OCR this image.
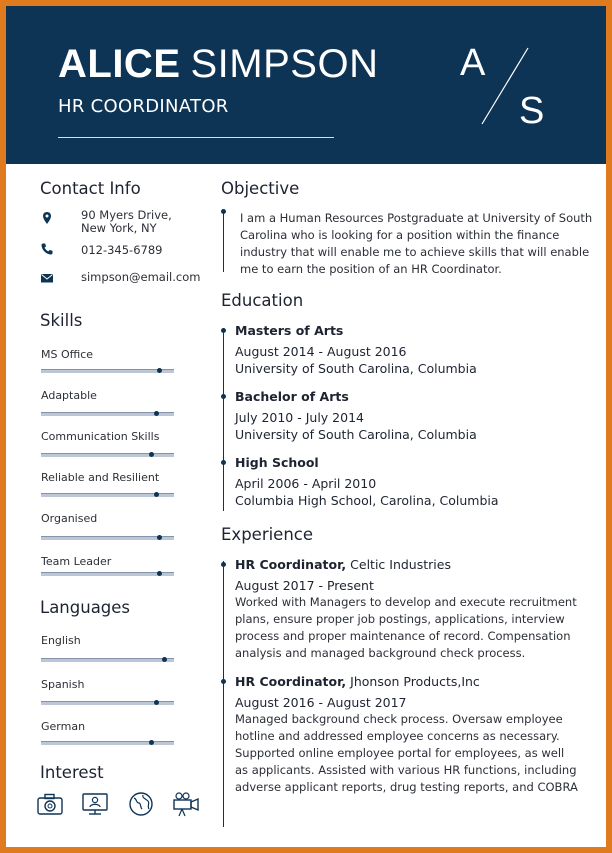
ALICE SIMPSON
HR COORDINATOR
A
S
Contact Info
90 Myers Drive,
New York, NY
012-345-6789
simpson@email.com
Skills
Languages
Interest
Objective
I am a Human Resources Postgraduate at University of South Carolina who is looking for a position within the finance industry that will enable me to achieve skills that will enable me to earn the position of an HR Coordinator.
Education
Experience
MS Office
Adaptable
Communication Skills
Reliable and Resilient
Organised
Team Leader
English
Spanish
German
Masters of Arts
August 2014 - August 2016
University of South Carolina, Columbia
Bachelor of Arts
July 2010 - July 2014
University of South Carolina, Columbia
High School
April 2006 - April 2010
Columbia High School, Carolina, Columbia
HR Coordinator, Celtic Industries
August 2017 - Present
Worked with Managers to develop and execute recruitment plans, ensure proper job postings, applications, interview process and proper maintenance of record. Compensation analysis and managed background check process.
HR Coordinator, Jhonson Products,Inc
August 2016 - August 2017
Managed background check process. Oversaw employee hotline and addressed employee concerns as necessary. Supported online employee portal for employees, as well as applicants. Assisted with various HR functions, including adverse applicant reports, drug testing reports, and COBRA
